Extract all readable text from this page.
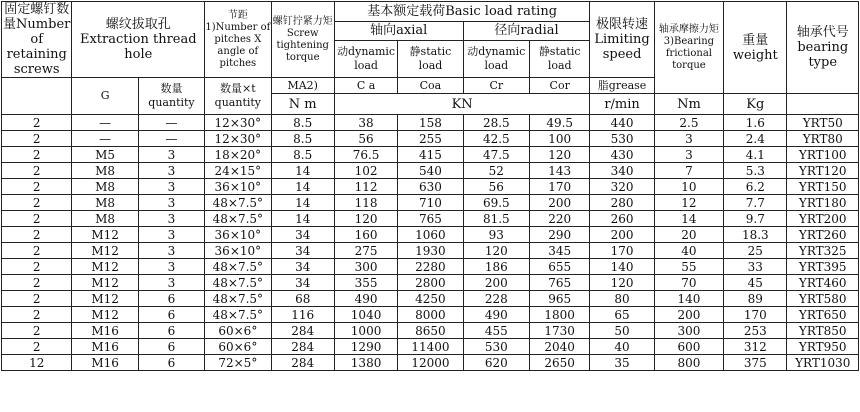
固定螺钉数量Number of retaining screws	螺纹拔取孔 Extraction thread hole		节距1)Number of pitches X angle of pitches	螺钉拧紧力矩Screw tightening torque	基本额定载荷Basic load rating				极限转速Limiting speed	轴承摩擦力矩3)Bearing frictional torque	重量 weight	轴承代号 bearing type
					轴向axial		径向radial					
					动dynamic load	静static load	动dynamic load	静static load				
	G	数量 quantity	数量×t quantity	MA2)	C a	Coa	Cr	Cor	脂grease			
				N m	KN				r/min	Nm	Kg	
2	—	—	12×30°	8.5	38	158	28.5	49.5	440	2.5	1.6	YRT50
2	—	—	12×30°	8.5	56	255	42.5	100	530	3	2.4	YRT80
2	M5	3	18×20°	8.5	76.5	415	47.5	120	430	3	4.1	YRT100
2	M8	3	24×15°	14	102	540	52	143	340	7	5.3	YRT120
2	M8	3	36×10°	14	112	630	56	170	320	10	6.2	YRT150
2	M8	3	48×7.5°	14	118	710	69.5	200	280	12	7.7	YRT180
2	M8	3	48×7.5°	14	120	765	81.5	220	260	14	9.7	YRT200
2	M12	3	36×10°	34	160	1060	93	290	200	20	18.3	YRT260
2	M12	3	36×10°	34	275	1930	120	345	170	40	25	YRT325
2	M12	3	48×7.5°	34	300	2280	186	655	140	55	33	YRT395
2	M12	3	48×7.5°	34	355	2800	200	765	120	70	45	YRT460
2	M12	6	48×7.5°	68	490	4250	228	965	80	140	89	YRT580
2	M12	6	48×7.5°	116	1040	8000	490	1800	65	200	170	YRT650
2	M16	6	60×6°	284	1000	8650	455	1730	50	300	253	YRT850
2	M16	6	60×6°	284	1290	11400	530	2040	40	600	312	YRT950
12	M16	6	72×5°	284	1380	12000	620	2650	35	800	375	YRT1030
